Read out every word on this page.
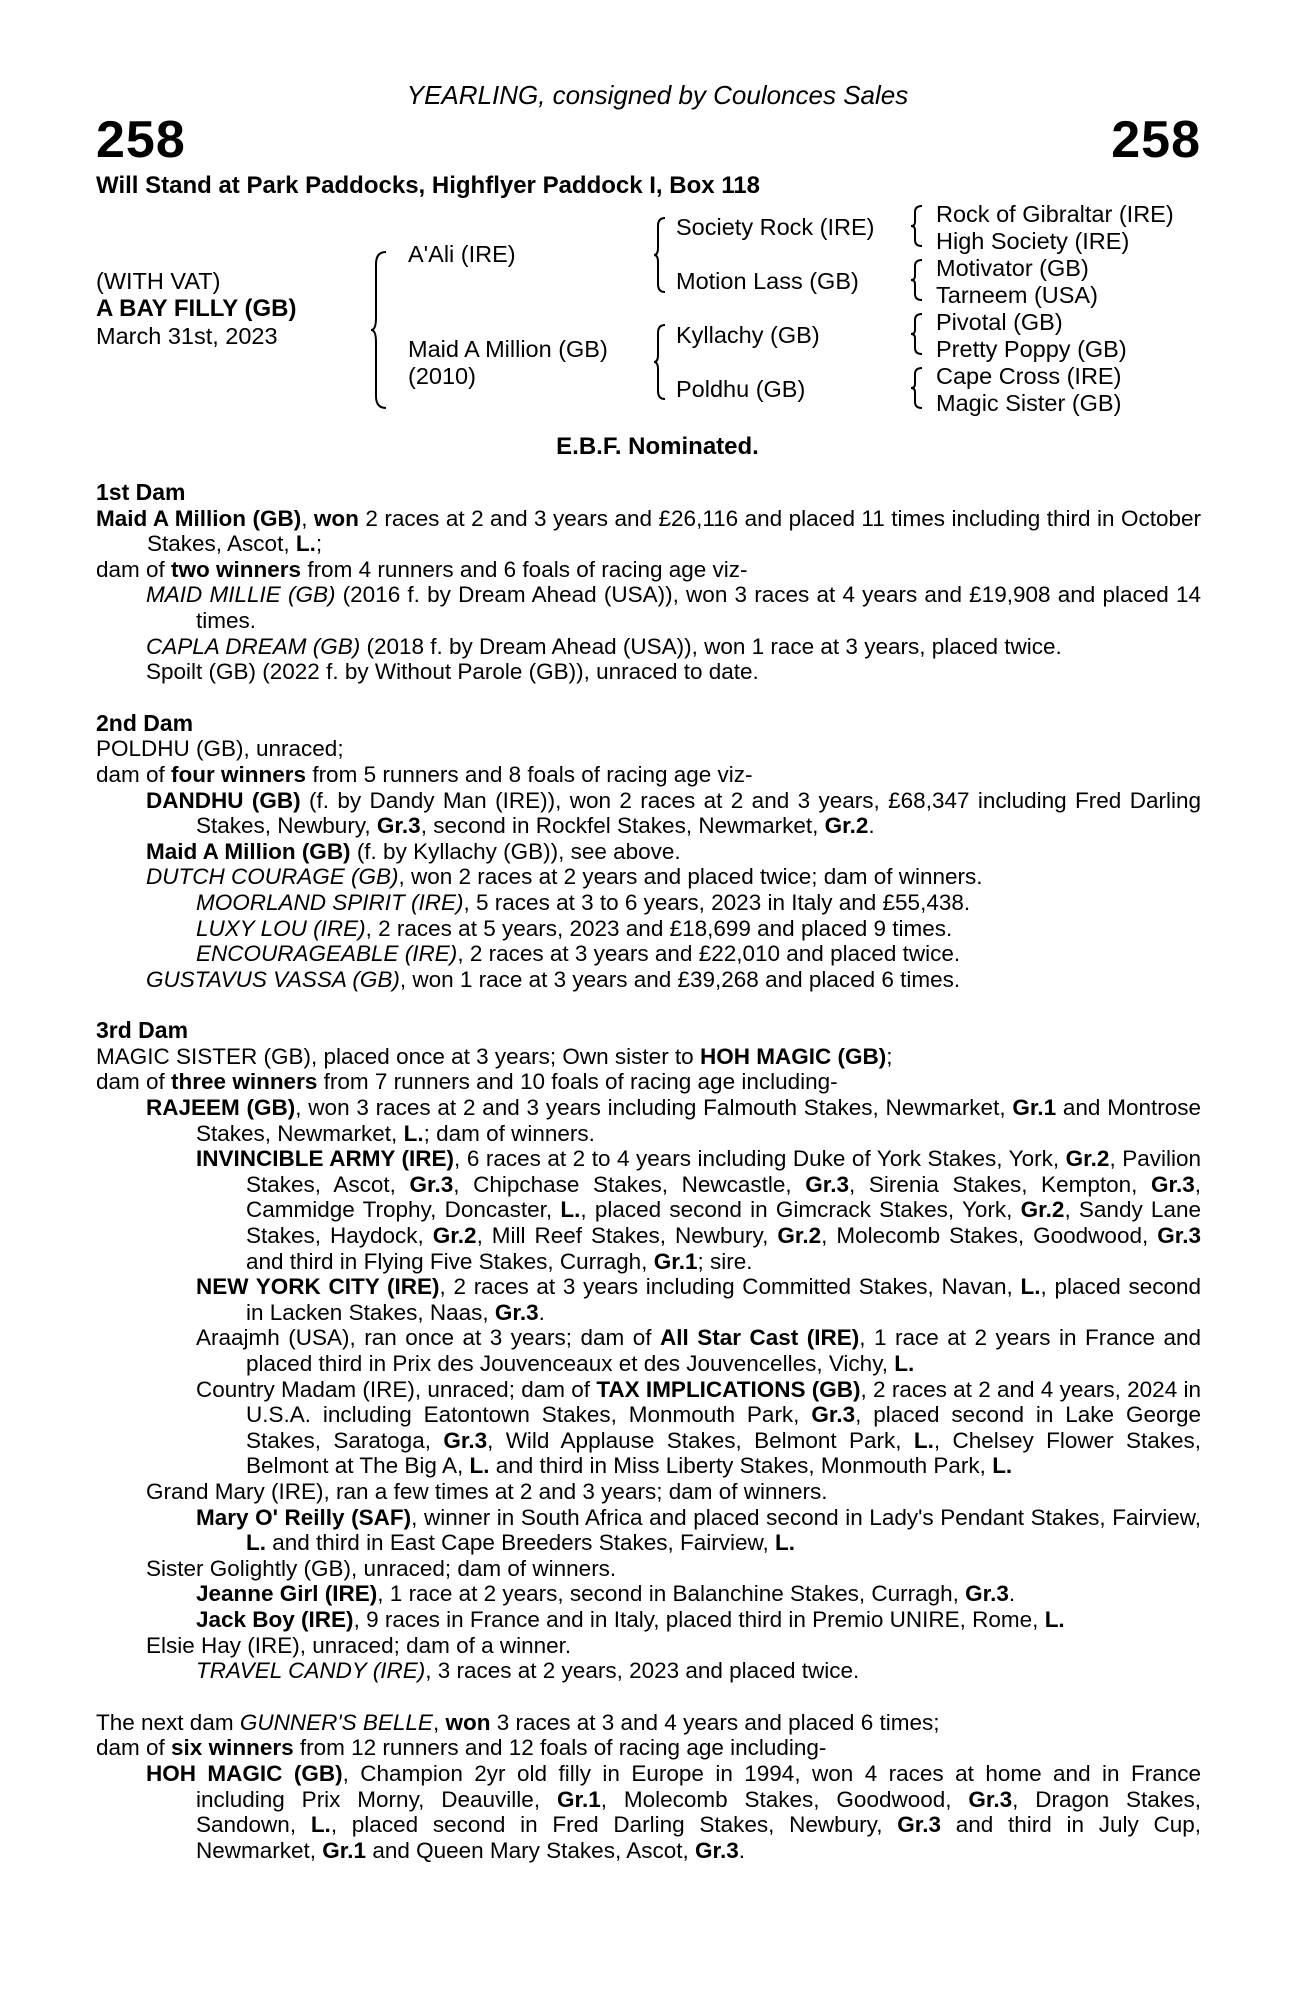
YEARLING, consigned by Coulonces Sales
258	258
Will Stand at Park Paddocks, Highflyer Paddock I, Box 118
(WITH VAT)
A BAY FILLY (GB)
March 31st, 2023
A'Ali (IRE)
Maid A Million (GB)
(2010)
Society Rock (IRE)
Motion Lass (GB)
Kyllachy (GB)
Poldhu (GB)
Rock of Gibraltar (IRE)
High Society (IRE)
Motivator (GB)
Tarneem (USA)
Pivotal (GB)
Pretty Poppy (GB)
Cape Cross (IRE)
Magic Sister (GB)
E.B.F. Nominated.

1st Dam

Maid A Million (GB), won 2 races at 2 and 3 years and £26,116 and placed 11 times including third in October Stakes, Ascot, L.;

dam of two winners from 4 runners and 6 foals of racing age viz-

MAID MILLIE (GB) (2016 f. by Dream Ahead (USA)), won 3 races at 4 years and £19,908 and placed 14 times.

CAPLA DREAM (GB) (2018 f. by Dream Ahead (USA)), won 1 race at 3 years, placed twice.

Spoilt (GB) (2022 f. by Without Parole (GB)), unraced to date.

2nd Dam

POLDHU (GB), unraced;

dam of four winners from 5 runners and 8 foals of racing age viz-

DANDHU (GB) (f. by Dandy Man (IRE)), won 2 races at 2 and 3 years, £68,347 including Fred Darling Stakes, Newbury, Gr.3, second in Rockfel Stakes, Newmarket, Gr.2.

Maid A Million (GB) (f. by Kyllachy (GB)), see above.

DUTCH COURAGE (GB), won 2 races at 2 years and placed twice; dam of winners.

MOORLAND SPIRIT (IRE), 5 races at 3 to 6 years, 2023 in Italy and £55,438.

LUXY LOU (IRE), 2 races at 5 years, 2023 and £18,699 and placed 9 times.

ENCOURAGEABLE (IRE), 2 races at 3 years and £22,010 and placed twice.

GUSTAVUS VASSA (GB), won 1 race at 3 years and £39,268 and placed 6 times.

3rd Dam

MAGIC SISTER (GB), placed once at 3 years; Own sister to HOH MAGIC (GB);

dam of three winners from 7 runners and 10 foals of racing age including-

RAJEEM (GB), won 3 races at 2 and 3 years including Falmouth Stakes, Newmarket, Gr.1 and Montrose Stakes, Newmarket, L.; dam of winners.

INVINCIBLE ARMY (IRE), 6 races at 2 to 4 years including Duke of York Stakes, York, Gr.2, Pavilion Stakes, Ascot, Gr.3, Chipchase Stakes, Newcastle, Gr.3, Sirenia Stakes, Kempton, Gr.3, Cammidge Trophy, Doncaster, L., placed second in Gimcrack Stakes, York, Gr.2, Sandy Lane Stakes, Haydock, Gr.2, Mill Reef Stakes, Newbury, Gr.2, Molecomb Stakes, Goodwood, Gr.3 and third in Flying Five Stakes, Curragh, Gr.1; sire.

NEW YORK CITY (IRE), 2 races at 3 years including Committed Stakes, Navan, L., placed second in Lacken Stakes, Naas, Gr.3.

Araajmh (USA), ran once at 3 years; dam of All Star Cast (IRE), 1 race at 2 years in France and placed third in Prix des Jouvenceaux et des Jouvencelles, Vichy, L.

Country Madam (IRE), unraced; dam of TAX IMPLICATIONS (GB), 2 races at 2 and 4 years, 2024 in U.S.A. including Eatontown Stakes, Monmouth Park, Gr.3, placed second in Lake George Stakes, Saratoga, Gr.3, Wild Applause Stakes, Belmont Park, L., Chelsey Flower Stakes, Belmont at The Big A, L. and third in Miss Liberty Stakes, Monmouth Park, L.

Grand Mary (IRE), ran a few times at 2 and 3 years; dam of winners.

Mary O' Reilly (SAF), winner in South Africa and placed second in Lady's Pendant Stakes, Fairview, L. and third in East Cape Breeders Stakes, Fairview, L.

Sister Golightly (GB), unraced; dam of winners.

Jeanne Girl (IRE), 1 race at 2 years, second in Balanchine Stakes, Curragh, Gr.3.

Jack Boy (IRE), 9 races in France and in Italy, placed third in Premio UNIRE, Rome, L.

Elsie Hay (IRE), unraced; dam of a winner.

TRAVEL CANDY (IRE), 3 races at 2 years, 2023 and placed twice.

The next dam GUNNER'S BELLE, won 3 races at 3 and 4 years and placed 6 times;

dam of six winners from 12 runners and 12 foals of racing age including-

HOH MAGIC (GB), Champion 2yr old filly in Europe in 1994, won 4 races at home and in France including Prix Morny, Deauville, Gr.1, Molecomb Stakes, Goodwood, Gr.3, Dragon Stakes, Sandown, L., placed second in Fred Darling Stakes, Newbury, Gr.3 and third in July Cup, Newmarket, Gr.1 and Queen Mary Stakes, Ascot, Gr.3.
